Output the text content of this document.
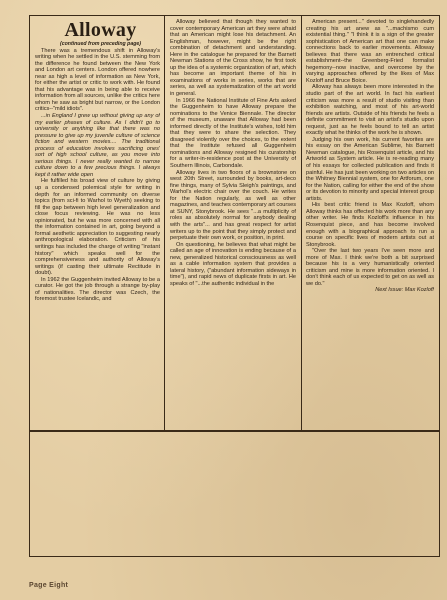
Alloway

(continued from preceding page)

There was a tremendous shift in Alloway's writing when he settled in the U.S. stemming from the difference he found between the New York and London art centers. London offered nowhere near as high a level of information as New York, for either the artist or critic to work with. He found that his advantage was in being able to receive information from all sources, unlike the critics here whom he saw as bright but narrow, or the London critics--"mild idiots".

...in England I grew up without giving up any of my earlier phases of culture. As I didn't go to university or anything like that there was no pressure to give up my juvenile culture of science fiction and western movies.... The traditional process of education involves sacrificing ones' sort of high school culture, as you move into serious things. I never really wanted to narrow culture down to a few precious things. I always kept it rather wide open

He fulfilled his broad view of culture by giving up a condensed polemical style for writing in depth for an informed community on diverse topics (from sci-fi to Warhol to Wyeth) seeking to fill the gap between high level generalization and close focus reviewing. He was no less opinionated, but he was more concerned with all the information contained in art, going beyond a formal aesthetic appreciation to suggesting nearly anthropological elaboration. Criticism of his writings has included the charge of writing "instant history" which speaks well for the comprehensiveness and authority of Alloway's writings (if casting their ultimate Rectitude in doubt).

In 1962 the Guggenheim invited Alloway to be a curator. He got the job through a strange by-play of nationalities. The director was Czech, the foremost trustee Icelandic, and

Alloway believed that though they wanted to cover contemporary American art they were afraid that an American might lose his detachment. An Englishman, however, might be the right combination of detachment and understanding. Here in the catalogue he prepared for the Barnett Newman Stations of the Cross show, he first took up the idea of a systemic organization of art, which has become an important theme of his in examinations of works in series, works that are series, as well as systematization of the art world in general.

In 1966 the National Institute of Fine Arts asked the Guggenheim to have Alloway prepare the nominations to the Venice Biennale. The director of the museum, unaware that Alloway had been informed directly of the Institute's wishes, told him that they were to share the selection. They disagreed violently over the choices, to the extent that the Institute refused all Guggenheim nominations and Alloway resigned his curatorship for a writer-in-residence post at the University of Southern Illinois, Carbondale.

Alloway lives in two floors of a brownstone on west 20th Street, surrounded by books, art-deco fine things, many of Sylvia Sleigh's paintings, and Warhol's electric chair over the couch. He writes for the Nation regularly, as well as other magazines, and teaches contemporary art courses at SUNY, Stonybrook. He sees "...a multiplicity of roles as absolutely normal for anybody dealing with the arts"... and has great respect for artist writers up to the point that they simply protect and perpetuate their own work, or position, in print.

On questioning, he believes that what might be called an age of innovation is ending because of a new, generalized historical consciousness as well as a cable information system that provides a lateral history, ("abundant information sideways in time"), and rapid news of duplicate firsts in art. He speaks of "...the authentic individual in the

American present..." devoted to singlehandedly creating his art anew as "...machismo cum existential thing." "I think it is a sign of the greater sophistication of American art that one can make connections back to earlier movements. Alloway believes that there was an entrenched critical establishment--the Greenberg-Fried formalist hegemony--now inactive, and overcome by the varying approaches offered by the likes of Max Kozloff and Bruce Boice.

Alloway has always been more interested in the studio part of the art world. In fact his earliest criticism was more a result of studio visiting than exhibition watching, and most of his art-world friends are artists. Outside of his friends he feels a definite commitment to visit an artist's studio upon request, just as he feels bound to tell an artist exactly what he thinks of the work he is shown.

Judging his own work, his current favorites are his essay on the American Sublime, his Barnett Newman catalogue, his Rosenquist article, and his Artworld as System article. He is re-reading many of his essays for collected publication and finds it painful. He has just been working on two articles on the Whitney Biennial system, one for Artforum, one for the Nation, calling for either the end of the show or its devotion to minority and special interest group artists.

His best critic friend is Max Kozloff, whom Alloway thinks has offected his work more than any other writer. He finds Kozloff's influence in his Rosenquist piece, and has become involved enough with a biographical approach to run a course on specific lives of modern artists out at Stonybrook.

"Over the last two years I've seen more and more of Max. I think we're both a bit surprised because his is a very humanistically oriented criticism and mine is more information oriented. I don't think each of us expected to get on as well as we do."

Next Issue: Max Kozloff

Page Eight
